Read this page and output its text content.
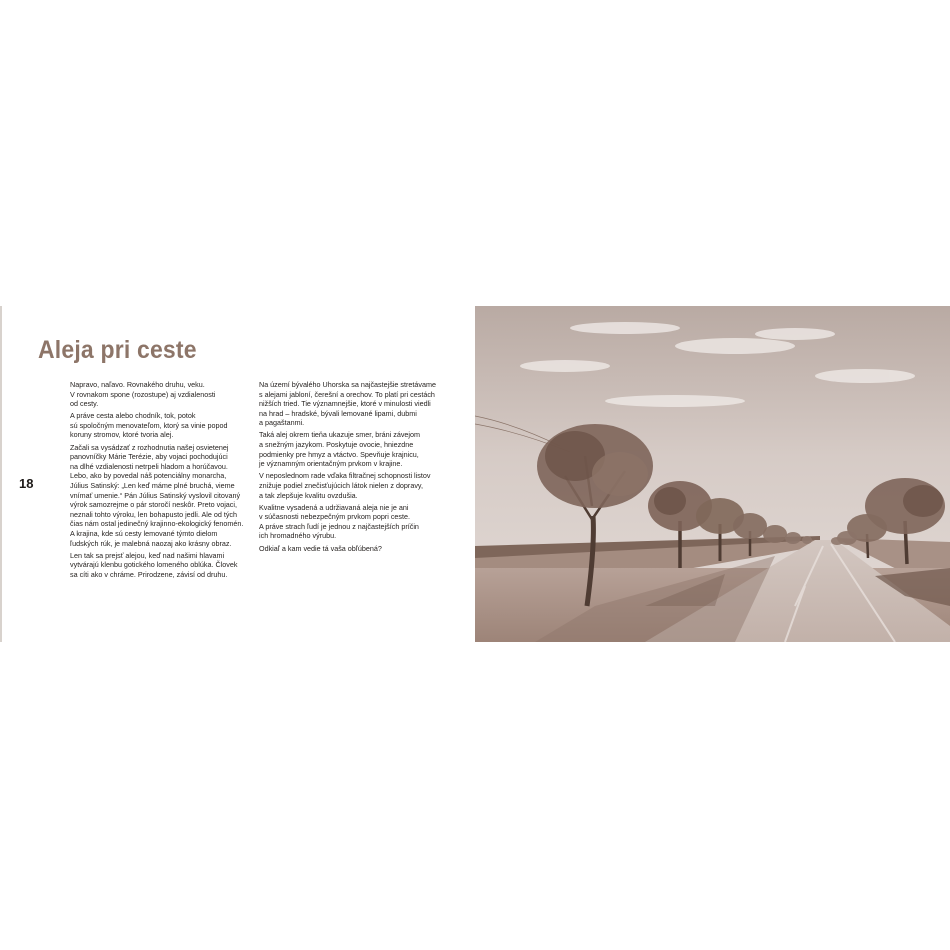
Aleja pri ceste
18

Napravo, naľavo. Rovnakého druhu, veku.
V rovnakom spone (rozostupe) aj vzdialenosti
od cesty.

A práve cesta alebo chodník, tok, potok
sú spoločným menovateľom, ktorý sa vinie popod
koruny stromov, ktoré tvoria alej.

Začali sa vysádzať z rozhodnutia našej osvietenej
panovníčky Márie Terézie, aby vojaci pochodujúci
na dlhé vzdialenosti netrpeli hladom a horúčavou.
Lebo, ako by povedal náš potenciálny monarcha,
Július Satinský: „Len keď máme plné bruchá, vieme
vnímať umenie.“ Pán Július Satinský vyslovil citovaný
výrok samozrejme o pár storočí neskôr. Preto vojaci,
neznali tohto výroku, len bohapusto jedli. Ale od tých
čias nám ostal jedinečný krajinno-ekologický fenomén.
A krajina, kde sú cesty lemované týmto dielom
ľudských rúk, je malebná naozaj ako krásny obraz.

Len tak sa prejsť alejou, keď nad našimi hlavami
vytvárajú klenbu gotického lomeného oblúka. Človek
sa cíti ako v chráme. Prirodzene, závisí od druhu.

Na území bývalého Uhorska sa najčastejšie stretávame
s alejami jabloní, čerešní a orechov. To platí pri cestách
nižších tried. Tie významnejšie, ktoré v minulosti viedli
na hrad – hradské, bývali lemované lipami, dubmi
a pagaštanmi.

Taká alej okrem tieňa ukazuje smer, bráni závejom
a snežným jazykom. Poskytuje ovocie, hniezdne
podmienky pre hmyz a vtáctvo. Spevňuje krajnicu,
je významným orientačným prvkom v krajine.

V neposlednom rade vďaka filtračnej schopnosti listov
znižuje podiel znečisťujúcich látok nielen z dopravy,
a tak zlepšuje kvalitu ovzdušia.

Kvalitne vysadená a udržiavaná aleja nie je ani
v súčasnosti nebezpečným prvkom popri ceste.
A práve strach ľudí je jednou z najčastejších príčin
ich hromadného výrubu.

Odkiaľ a kam vedie tá vaša obľúbená?
